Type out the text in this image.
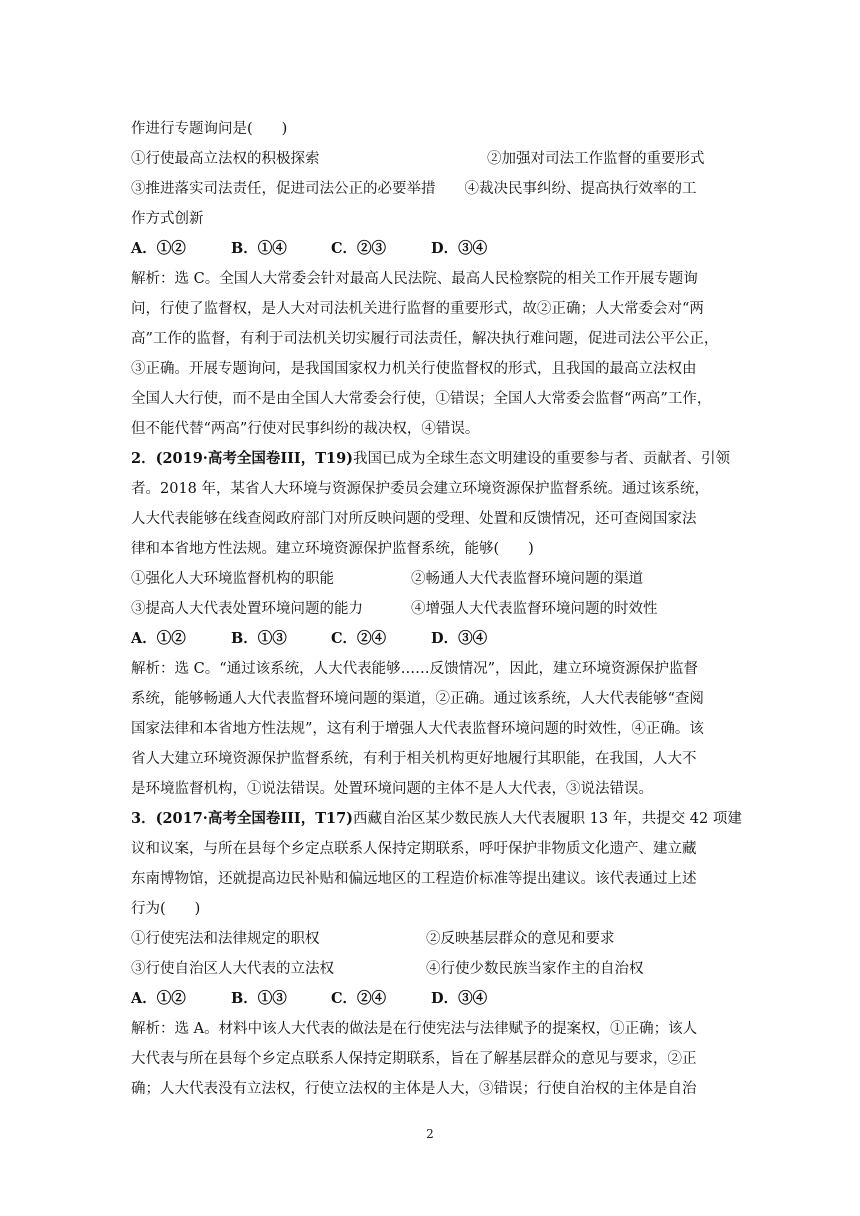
作进行专题询问是(　　)
①行使最高立法权的积极探索	②加强对司法工作监督的重要形式
③推进落实司法责任，促进司法公正的必要举措　　④裁决民事纠纷、提高执行效率的工
作方式创新
A．①②	B．①④	C．②③	D．③④
解析：选 C。全国人大常委会针对最高人民法院、最高人民检察院的相关工作开展专题询
问，行使了监督权，是人大对司法机关进行监督的重要形式，故②正确；人大常委会对“两
高”工作的监督，有利于司法机关切实履行司法责任，解决执行难问题，促进司法公平公正，
③正确。开展专题询问，是我国国家权力机关行使监督权的形式，且我国的最高立法权由
全国人大行使，而不是由全国人大常委会行使，①错误；全国人大常委会监督“两高”工作，
但不能代替“两高”行使对民事纠纷的裁决权，④错误。
2．(2019·高考全国卷III，T19)我国已成为全球生态文明建设的重要参与者、贡献者、引领
者。2018 年，某省人大环境与资源保护委员会建立环境资源保护监督系统。通过该系统，
人大代表能够在线查阅政府部门对所反映问题的受理、处置和反馈情况，还可查阅国家法
律和本省地方性法规。建立环境资源保护监督系统，能够(　　)
①强化人大环境监督机构的职能	②畅通人大代表监督环境问题的渠道
③提高人大代表处置环境问题的能力	④增强人大代表监督环境问题的时效性
A．①②	B．①③	C．②④	D．③④
解析：选 C。“通过该系统，人大代表能够……反馈情况”，因此，建立环境资源保护监督
系统，能够畅通人大代表监督环境问题的渠道，②正确。通过该系统，人大代表能够“查阅
国家法律和本省地方性法规”，这有利于增强人大代表监督环境问题的时效性，④正确。该
省人大建立环境资源保护监督系统，有利于相关机构更好地履行其职能，在我国，人大不
是环境监督机构，①说法错误。处置环境问题的主体不是人大代表，③说法错误。
3．(2017·高考全国卷III，T17)西藏自治区某少数民族人大代表履职 13 年，共提交 42 项建
议和议案，与所在县每个乡定点联系人保持定期联系，呼吁保护非物质文化遗产、建立藏
东南博物馆，还就提高边民补贴和偏远地区的工程造价标准等提出建议。该代表通过上述
行为(　　)
①行使宪法和法律规定的职权	②反映基层群众的意见和要求
③行使自治区人大代表的立法权	④行使少数民族当家作主的自治权
A．①②	B．①③	C．②④	D．③④
解析：选 A。材料中该人大代表的做法是在行使宪法与法律赋予的提案权，①正确；该人
大代表与所在县每个乡定点联系人保持定期联系，旨在了解基层群众的意见与要求，②正
确；人大代表没有立法权，行使立法权的主体是人大，③错误；行使自治权的主体是自治
2
